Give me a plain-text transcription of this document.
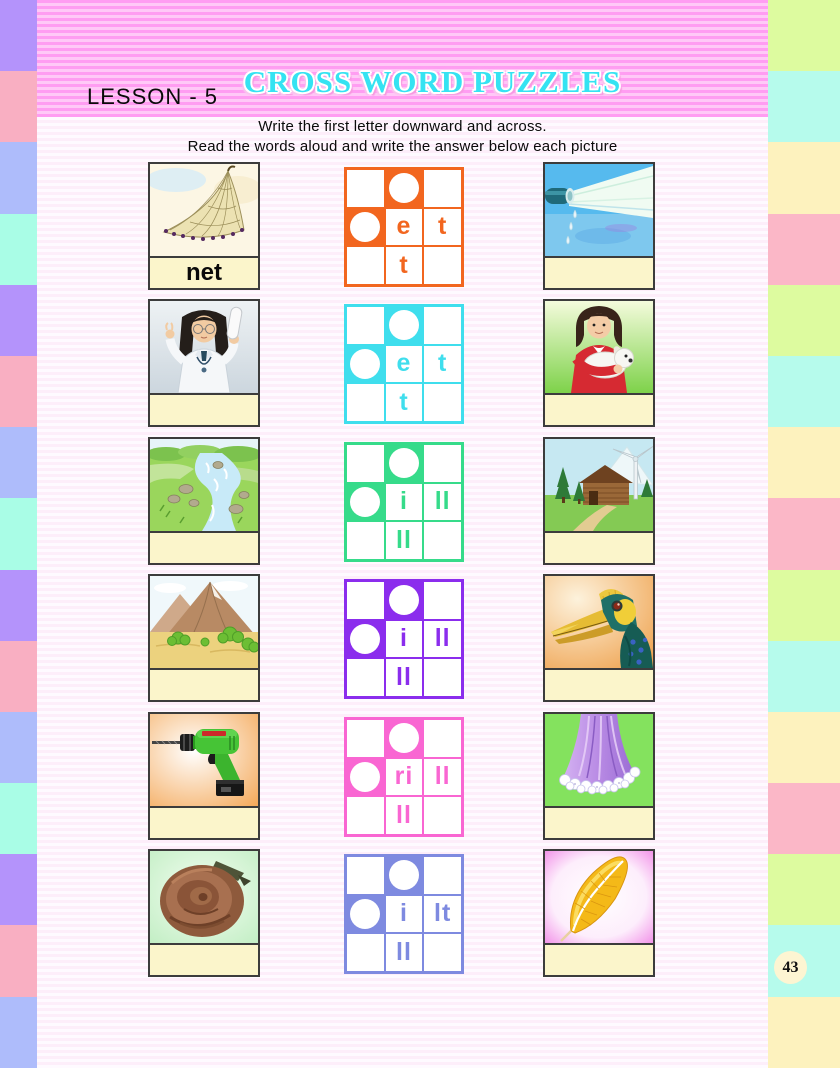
LESSON - 5 CROSS WORD PUZZLES
Write the first letter downward and across.
Read the words aloud and write the answer below each picture
net
e	t
t
e	t
t
i	ll
ll
i	ll
ll
ri ll
ll
i	lt
ll
43
